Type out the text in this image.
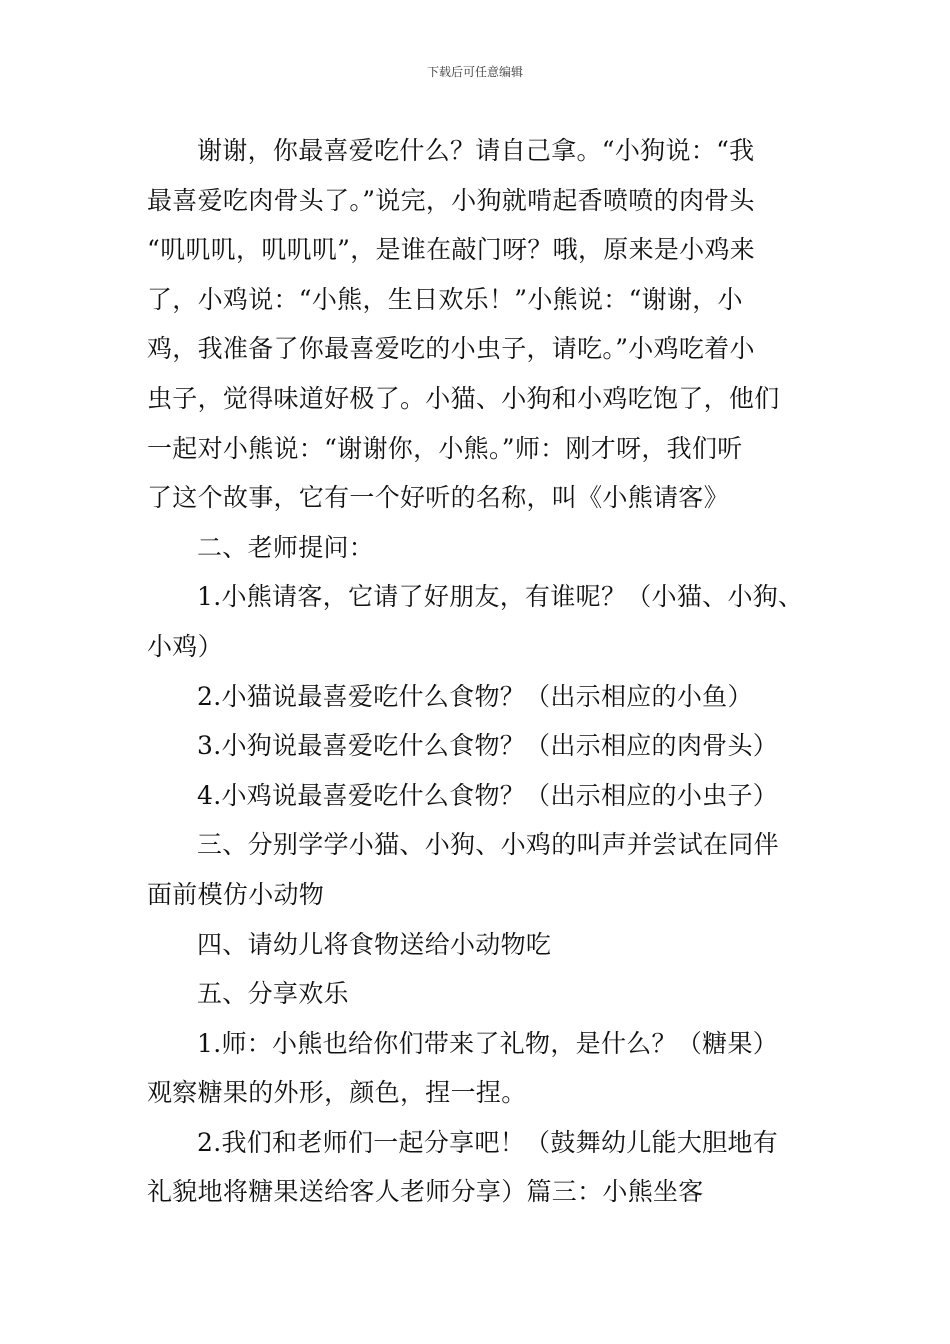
下载后可任意编辑
谢谢，你最喜爱吃什么？请自己拿。“小狗说：“我
最喜爱吃肉骨头了。”说完，小狗就啃起香喷喷的肉骨头
“叽叽叽，叽叽叽”，是谁在敲门呀？哦，原来是小鸡来
了，小鸡说：“小熊，生日欢乐！”小熊说：“谢谢，小
鸡，我准备了你最喜爱吃的小虫子，请吃。”小鸡吃着小
虫子，觉得味道好极了。小猫、小狗和小鸡吃饱了，他们
一起对小熊说：“谢谢你，小熊。”师：刚才呀，我们听
了这个故事，它有一个好听的名称，叫《小熊请客》
二、老师提问：
1.小熊请客，它请了好朋友，有谁呢？（小猫、小狗、
小鸡）
2.小猫说最喜爱吃什么食物？（出示相应的小鱼）
3.小狗说最喜爱吃什么食物？（出示相应的肉骨头）
4.小鸡说最喜爱吃什么食物？（出示相应的小虫子）
三、分别学学小猫、小狗、小鸡的叫声并尝试在同伴
面前模仿小动物
四、请幼儿将食物送给小动物吃
五、分享欢乐
1.师：小熊也给你们带来了礼物，是什么？（糖果）
观察糖果的外形，颜色，捏一捏。
2.我们和老师们一起分享吧！（鼓舞幼儿能大胆地有
礼貌地将糖果送给客人老师分享）篇三：小熊坐客
